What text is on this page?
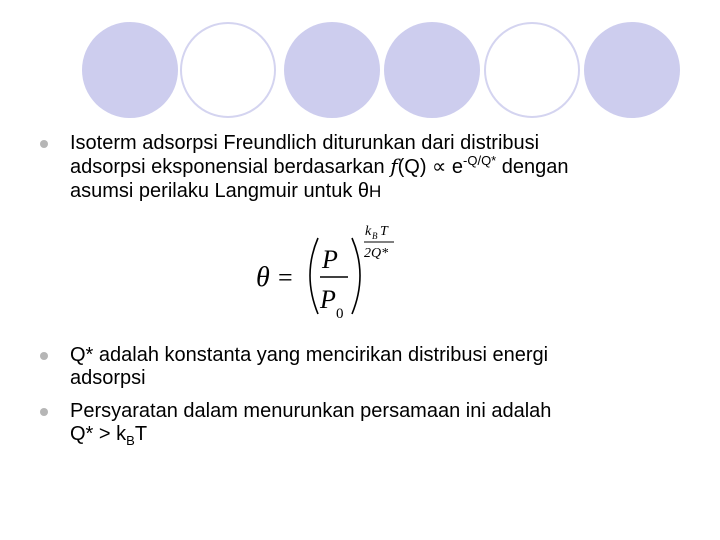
Isoterm adsorpsi Freundlich diturunkan dari distribusi
adsorpsi eksponensial berdasarkan $f(Q) \propto e^{-Q/Q*}$ dengan
asumsi perilaku Langmuir untuk θH
θ =
P
P 0
k B T
2Q*
Q* adalah konstanta yang mencirikan distribusi energi
adsorpsi
Persyaratan dalam menurunkan persamaan ini adalah
$Q* > k_BT$
